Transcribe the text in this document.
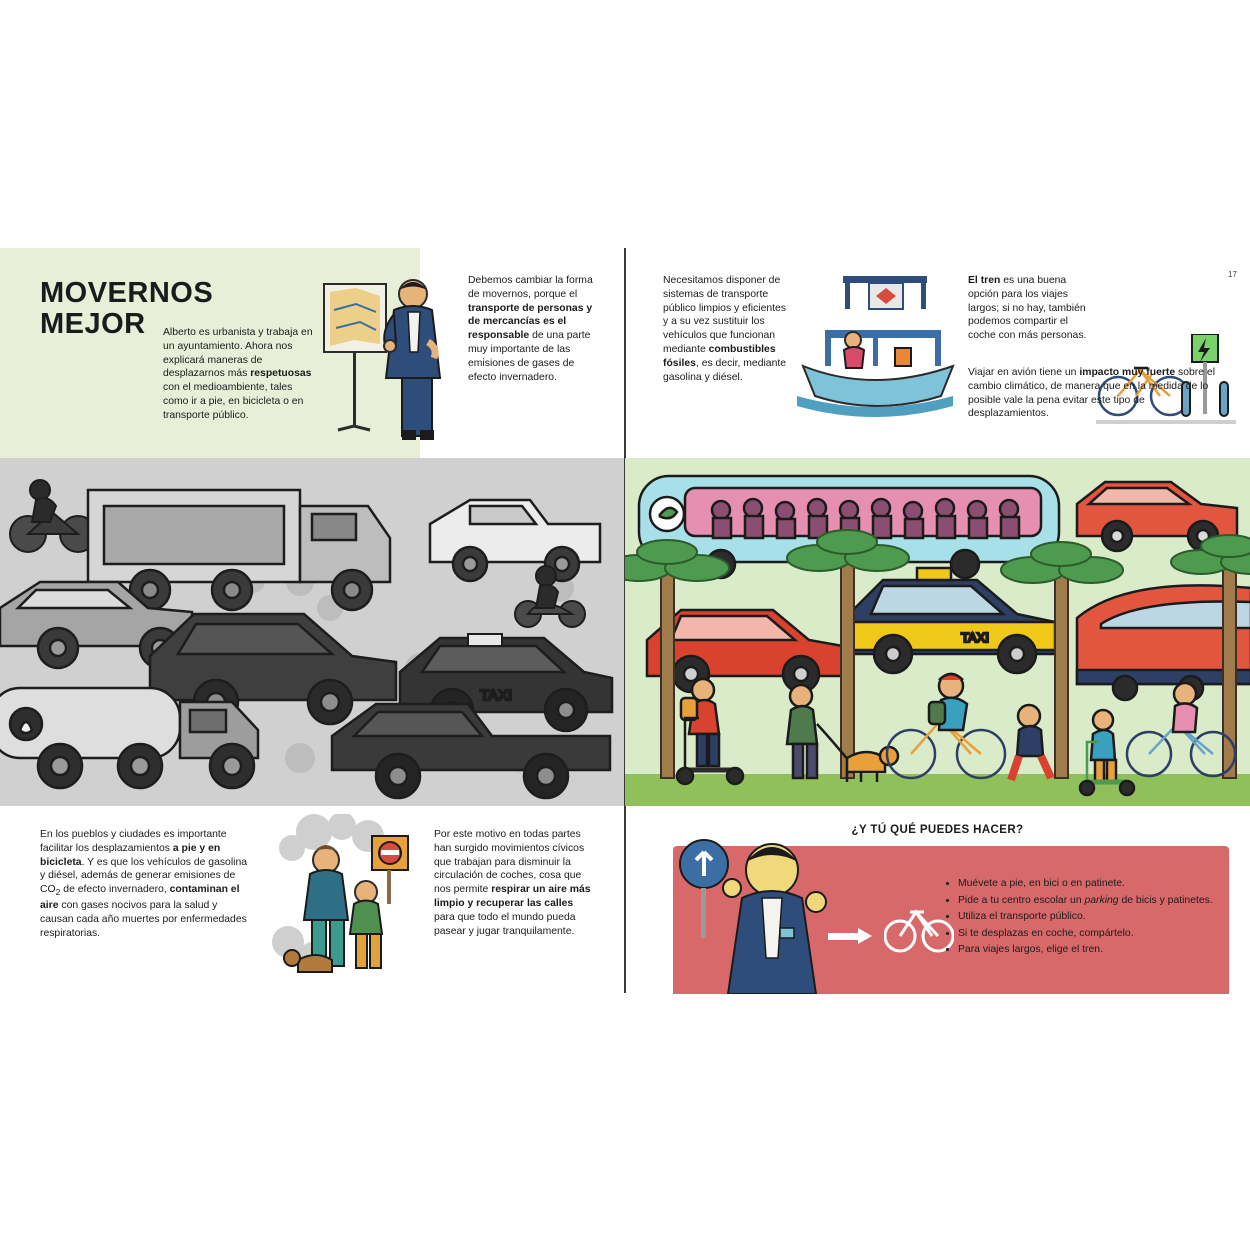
MOVERNOS
MEJOR	Alberto es urbanista y trabaja en un ayuntamiento. Ahora nos explicará maneras de desplazarnos más respetuosas con el medioambiente, tales como ir a pie, en bicicleta o en transporte público.
Debemos cambiar la forma de movernos, porque el transporte de personas y de mercancías es el responsable de una parte muy importante de las emisiones de gases de efecto invernadero.
TAXI
En los pueblos y ciudades es importante facilitar los desplazamientos a pie y en bicicleta. Y es que los vehículos de gasolina y diésel, además de generar emisiones de $CO_2$ de efecto invernadero, contaminan el aire con gases nocivos para la salud y causan cada año muertes por enfermedades respiratorias.
Por este motivo en todas partes han surgido movimientos cívicos que trabajan para disminuir la circulación de coches, cosa que nos permite respirar un aire más limpio y recuperar las calles para que todo el mundo pueda pasear y jugar tranquilamente.
17
Necesitamos disponer de sistemas de transporte público limpios y eficientes y a su vez sustituir los vehículos que funcionan mediante combustibles fósiles, es decir, mediante gasolina y diésel.
El tren es una buena opción para los viajes largos; si no hay, también podemos compartir el coche con más personas.
Viajar en avión tiene un impacto muy fuerte sobre el cambio climático, de manera que en la medida de lo posible vale la pena evitar este tipo de desplazamientos.
TAXI
¿Y TÚ QUÉ PUEDES HACER?
• Muévete a pie, en bici o en patinete.
• Pide a tu centro escolar un parking de bicis y patinetes.
• Utiliza el transporte público.
• Si te desplazas en coche, compártelo.
• Para viajes largos, elige el tren.
